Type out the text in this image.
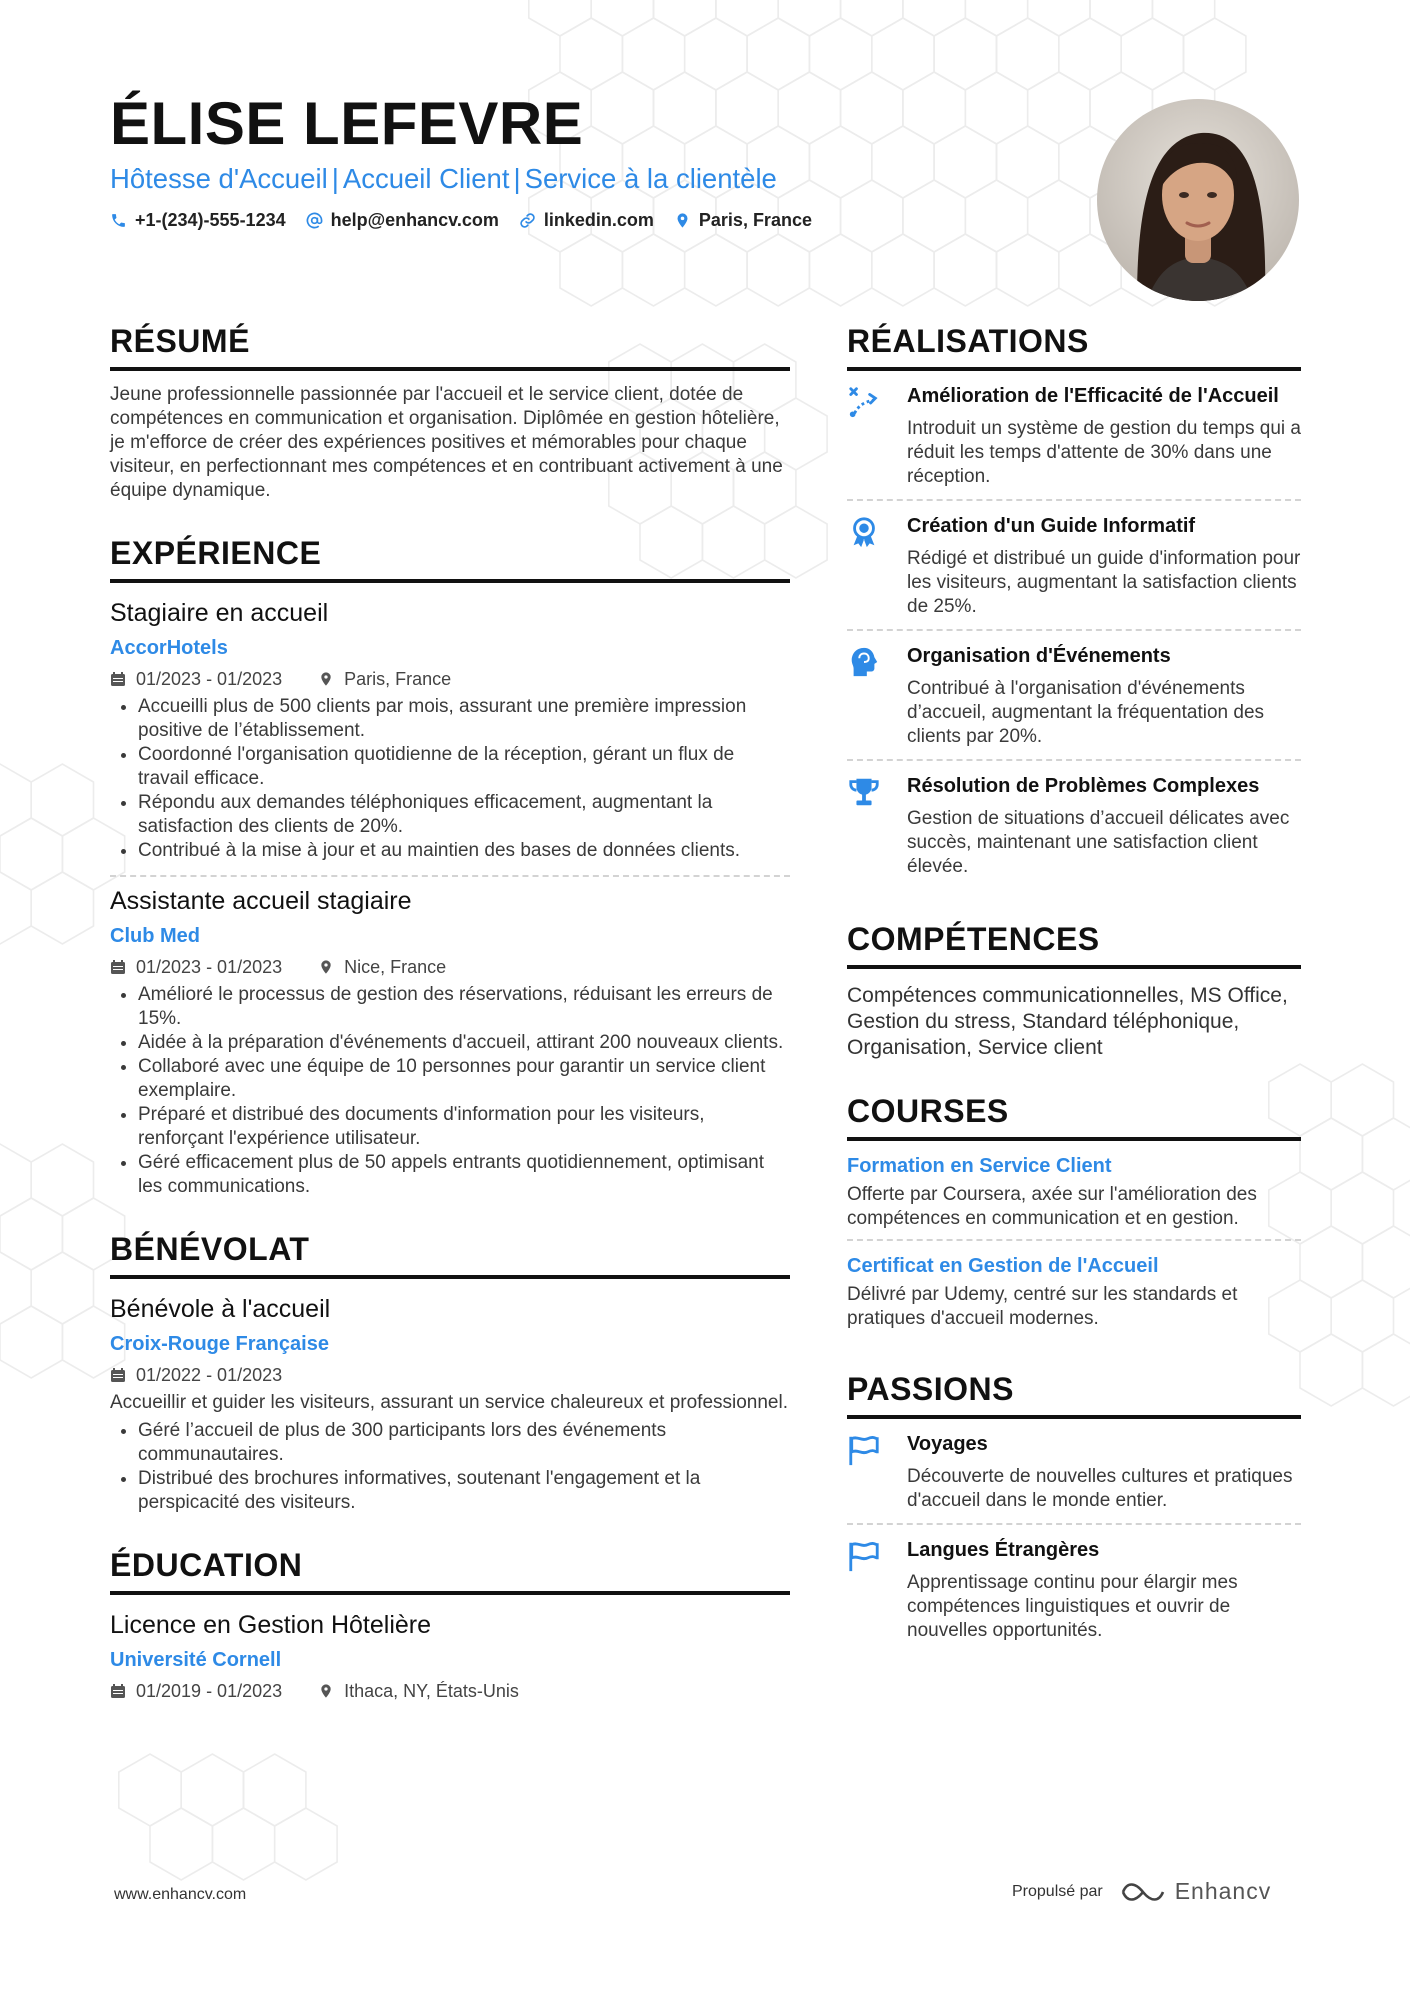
ÉLISE LEFEVRE
Hôtesse d'Accueil | Accueil Client | Service à la clientèle
+1-(234)-555-1234	help@enhancv.com	linkedin.com	Paris, France
RÉSUMÉ

Jeune professionnelle passionnée par l'accueil et le service client, dotée de compétences en communication et organisation. Diplômée en gestion hôtelière, je m'efforce de créer des expériences positives et mémorables pour chaque visiteur, en perfectionnant mes compétences et en contribuant activement à une équipe dynamique.

EXPÉRIENCE
Stagiaire en accueil
AccorHotels
01/2023 - 01/2023	Paris, France
• Accueilli plus de 500 clients par mois, assurant une première impression positive de l’établissement.
• Coordonné l'organisation quotidienne de la réception, gérant un flux de travail efficace.
• Répondu aux demandes téléphoniques efficacement, augmentant la satisfaction des clients de 20%.
• Contribué à la mise à jour et au maintien des bases de données clients.
Assistante accueil stagiaire
Club Med
01/2023 - 01/2023	Nice, France
• Amélioré le processus de gestion des réservations, réduisant les erreurs de 15%.
• Aidée à la préparation d'événements d'accueil, attirant 200 nouveaux clients.
• Collaboré avec une équipe de 10 personnes pour garantir un service client exemplaire.
• Préparé et distribué des documents d'information pour les visiteurs, renforçant l'expérience utilisateur.
• Géré efficacement plus de 50 appels entrants quotidiennement, optimisant les communications.
BÉNÉVOLAT
Bénévole à l'accueil
Croix-Rouge Française
01/2022 - 01/2023

Accueillir et guider les visiteurs, assurant un service chaleureux et professionnel.

• Géré l’accueil de plus de 300 participants lors des événements communautaires.
• Distribué des brochures informatives, soutenant l'engagement et la perspicacité des visiteurs.
ÉDUCATION
Licence en Gestion Hôtelière
Université Cornell
01/2019 - 01/2023	Ithaca, NY, États-Unis
RÉALISATIONS
Amélioration de l'Efficacité de l'Accueil
Introduit un système de gestion du temps qui a réduit les temps d'attente de 30% dans une réception.
Création d'un Guide Informatif
Rédigé et distribué un guide d'information pour les visiteurs, augmentant la satisfaction clients de 25%.
Organisation d'Événements
Contribué à l'organisation d'événements d’accueil, augmentant la fréquentation des clients par 20%.
Résolution de Problèmes Complexes
Gestion de situations d’accueil délicates avec succès, maintenant une satisfaction client élevée.
COMPÉTENCES

Compétences communicationnelles, MS Office, Gestion du stress, Standard téléphonique, Organisation, Service client

COURSES
Formation en Service Client
Offerte par Coursera, axée sur l'amélioration des compétences en communication et en gestion.
Certificat en Gestion de l'Accueil
Délivré par Udemy, centré sur les standards et pratiques d'accueil modernes.
PASSIONS
Voyages
Découverte de nouvelles cultures et pratiques d'accueil dans le monde entier.
Langues Étrangères
Apprentissage continu pour élargir mes compétences linguistiques et ouvrir de nouvelles opportunités.
www.enhancv.com	Propulsé par	Enhancv
